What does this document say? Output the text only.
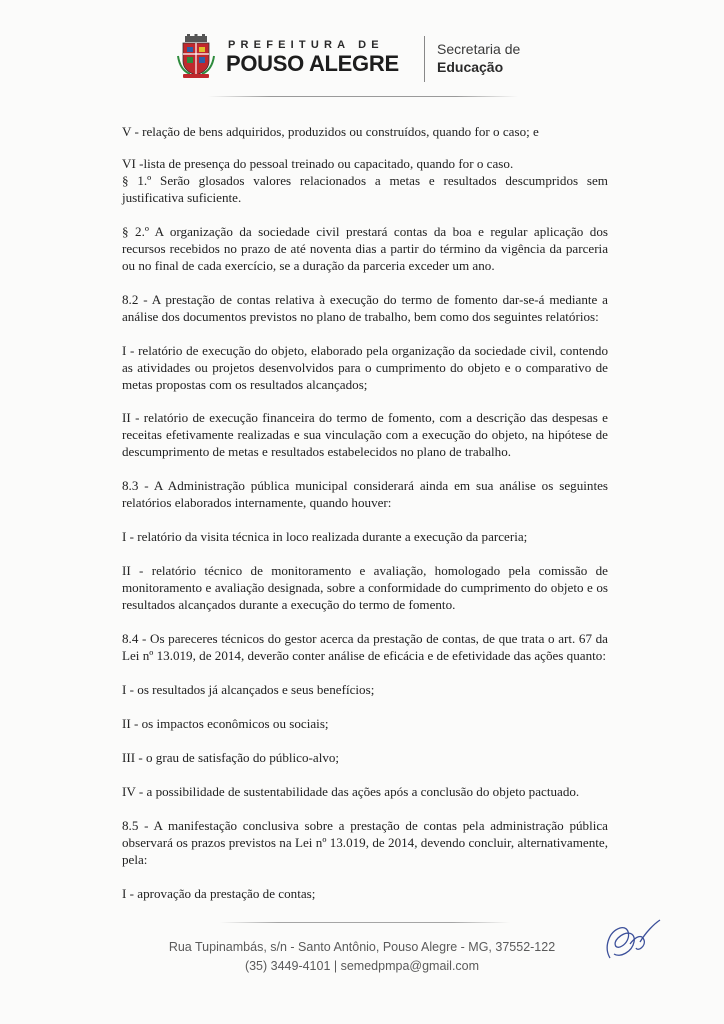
PREFEITURA DE
POUSO ALEGRE
Secretaria de
Educação

V - relação de bens adquiridos, produzidos ou construídos, quando for o caso; e

VI -lista de presença do pessoal treinado ou capacitado, quando for o caso.

§ 1.º Serão glosados valores relacionados a metas e resultados descumpridos sem justificativa suficiente.

§ 2.º A organização da sociedade civil prestará contas da boa e regular aplicação dos recursos recebidos no prazo de até noventa dias a partir do término da vigência da parceria ou no final de cada exercício, se a duração da parceria exceder um ano.

8.2 - A prestação de contas relativa à execução do termo de fomento dar-se-á mediante a análise dos documentos previstos no plano de trabalho, bem como dos seguintes relatórios:

I - relatório de execução do objeto, elaborado pela organização da sociedade civil, contendo as atividades ou projetos desenvolvidos para o cumprimento do objeto e o comparativo de metas propostas com os resultados alcançados;

II - relatório de execução financeira do termo de fomento, com a descrição das despesas e receitas efetivamente realizadas e sua vinculação com a execução do objeto, na hipótese de descumprimento de metas e resultados estabelecidos no plano de trabalho.

8.3 - A Administração pública municipal considerará ainda em sua análise os seguintes relatórios elaborados internamente, quando houver:

I - relatório da visita técnica in loco realizada durante a execução da parceria;

II - relatório técnico de monitoramento e avaliação, homologado pela comissão de monitoramento e avaliação designada, sobre a conformidade do cumprimento do objeto e os resultados alcançados durante a execução do termo de fomento.

8.4 - Os pareceres técnicos do gestor acerca da prestação de contas, de que trata o art. 67 da Lei nº 13.019, de 2014, deverão conter análise de eficácia e de efetividade das ações quanto:

I - os resultados já alcançados e seus benefícios;

II - os impactos econômicos ou sociais;

III - o grau de satisfação do público-alvo;

IV - a possibilidade de sustentabilidade das ações após a conclusão do objeto pactuado.

8.5 - A manifestação conclusiva sobre a prestação de contas pela administração pública observará os prazos previstos na Lei nº 13.019, de 2014, devendo concluir, alternativamente, pela:

I - aprovação da prestação de contas;

Rua Tupinambás, s/n - Santo Antônio, Pouso Alegre - MG, 37552-122
(35) 3449-4101 | semedpmpa@gmail.com
